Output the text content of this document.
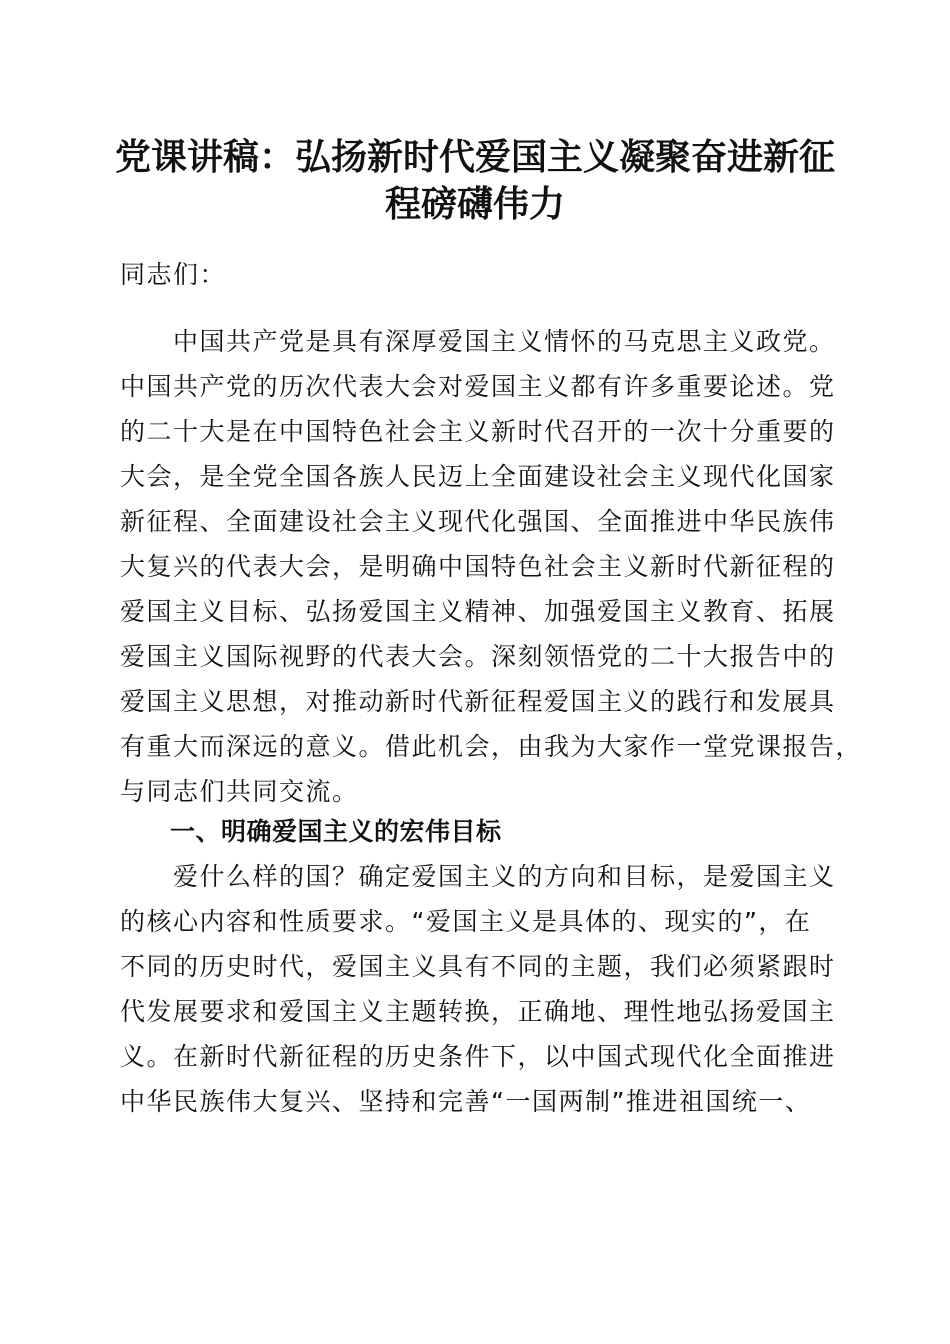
党课讲稿：弘扬新时代爱国主义凝聚奋进新征
程磅礴伟力
同志们：
　　中国共产党是具有深厚爱国主义情怀的马克思主义政党。
中国共产党的历次代表大会对爱国主义都有许多重要论述。党
的二十大是在中国特色社会主义新时代召开的一次十分重要的
大会，是全党全国各族人民迈上全面建设社会主义现代化国家
新征程、全面建设社会主义现代化强国、全面推进中华民族伟
大复兴的代表大会，是明确中国特色社会主义新时代新征程的
爱国主义目标、弘扬爱国主义精神、加强爱国主义教育、拓展
爱国主义国际视野的代表大会。深刻领悟党的二十大报告中的
爱国主义思想，对推动新时代新征程爱国主义的践行和发展具
有重大而深远的意义。借此机会，由我为大家作一堂党课报告，
与同志们共同交流。
一、明确爱国主义的宏伟目标
　　爱什么样的国？确定爱国主义的方向和目标，是爱国主义
的核心内容和性质要求。“爱国主义是具体的、现实的”，在
不同的历史时代，爱国主义具有不同的主题，我们必须紧跟时
代发展要求和爱国主义主题转换，正确地、理性地弘扬爱国主
义。在新时代新征程的历史条件下，以中国式现代化全面推进
中华民族伟大复兴、坚持和完善“一国两制”推进祖国统一、
